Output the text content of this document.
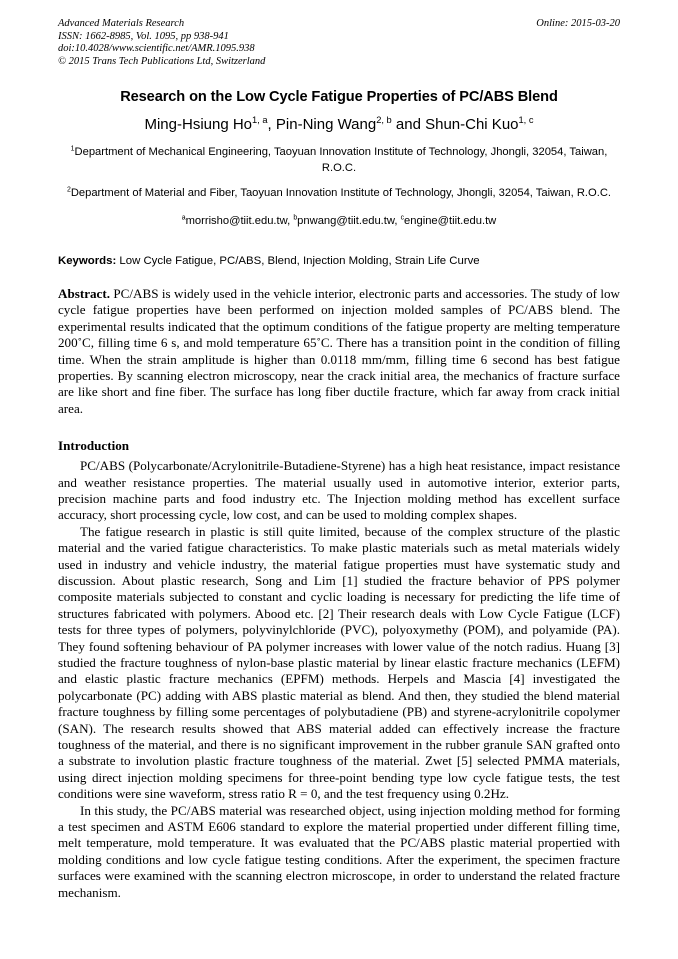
Online: 2015-03-20
Advanced Materials Research
ISSN: 1662-8985, Vol. 1095, pp 938-941
doi:10.4028/www.scientific.net/AMR.1095.938
© 2015 Trans Tech Publications Ltd, Switzerland
Research on the Low Cycle Fatigue Properties of PC/ABS Blend
Ming-Hsiung Ho$^{1, a}$, Pin-Ning Wang$^{2, b}$ and Shun-Chi Kuo$^{1, c}$
$^1$Department of Mechanical Engineering, Taoyuan Innovation Institute of Technology, Jhongli, 32054, Taiwan, R.O.C.
$^2$Department of Material and Fiber, Taoyuan Innovation Institute of Technology, Jhongli, 32054, Taiwan, R.O.C.
$^a$morrisho@tiit.edu.tw, $^b$pnwang@tiit.edu.tw, $^c$engine@tiit.edu.tw
Keywords: Low Cycle Fatigue, PC/ABS, Blend, Injection Molding, Strain Life Curve
Abstract. PC/ABS is widely used in the vehicle interior, electronic parts and accessories. The study of low cycle fatigue properties have been performed on injection molded samples of PC/ABS blend. The experimental results indicated that the optimum conditions of the fatigue property are melting temperature 200˚C, filling time 6 s, and mold temperature 65˚C. There has a transition point in the condition of filling time. When the strain amplitude is higher than 0.0118 mm/mm, filling time 6 second has best fatigue properties. By scanning electron microscopy, near the crack initial area, the mechanics of fracture surface are like short and fine fiber. The surface has long fiber ductile fracture, which far away from crack initial area.
Introduction
PC/ABS (Polycarbonate/Acrylonitrile-Butadiene-Styrene) has a high heat resistance, impact resistance and weather resistance properties. The material usually used in automotive interior, exterior parts, precision machine parts and food industry etc. The Injection molding method has excellent surface accuracy, short processing cycle, low cost, and can be used to molding complex shapes.
The fatigue research in plastic is still quite limited, because of the complex structure of the plastic material and the varied fatigue characteristics. To make plastic materials such as metal materials widely used in industry and vehicle industry, the material fatigue properties must have systematic study and discussion. About plastic research, Song and Lim [1] studied the fracture behavior of PPS polymer composite materials subjected to constant and cyclic loading is necessary for predicting the life time of structures fabricated with polymers. Abood etc. [2] Their research deals with Low Cycle Fatigue (LCF) tests for three types of polymers, polyvinylchloride (PVC), polyoxymethy (POM), and polyamide (PA). They found softening behaviour of PA polymer increases with lower value of the notch radius. Huang [3] studied the fracture toughness of nylon-base plastic material by linear elastic fracture mechanics (LEFM) and elastic plastic fracture mechanics (EPFM) methods. Herpels and Mascia [4] investigated the polycarbonate (PC) adding with ABS plastic material as blend. And then, they studied the blend material fracture toughness by filling some percentages of polybutadiene (PB) and styrene-acrylonitrile copolymer (SAN). The research results showed that ABS material added can effectively increase the fracture toughness of the material, and there is no significant improvement in the rubber granule SAN grafted onto a substrate to involution plastic fracture toughness of the material. Zwet [5] selected PMMA materials, using direct injection molding specimens for three-point bending type low cycle fatigue tests, the test conditions were sine waveform, stress ratio R = 0, and the test frequency using 0.2Hz.
In this study, the PC/ABS material was researched object, using injection molding method for forming a test specimen and ASTM E606 standard to explore the material propertied under different filling time, melt temperature, mold temperature. It was evaluated that the PC/ABS plastic material propertied with molding conditions and low cycle fatigue testing conditions. After the experiment, the specimen fracture surfaces were examined with the scanning electron microscope, in order to understand the related fracture mechanism.
